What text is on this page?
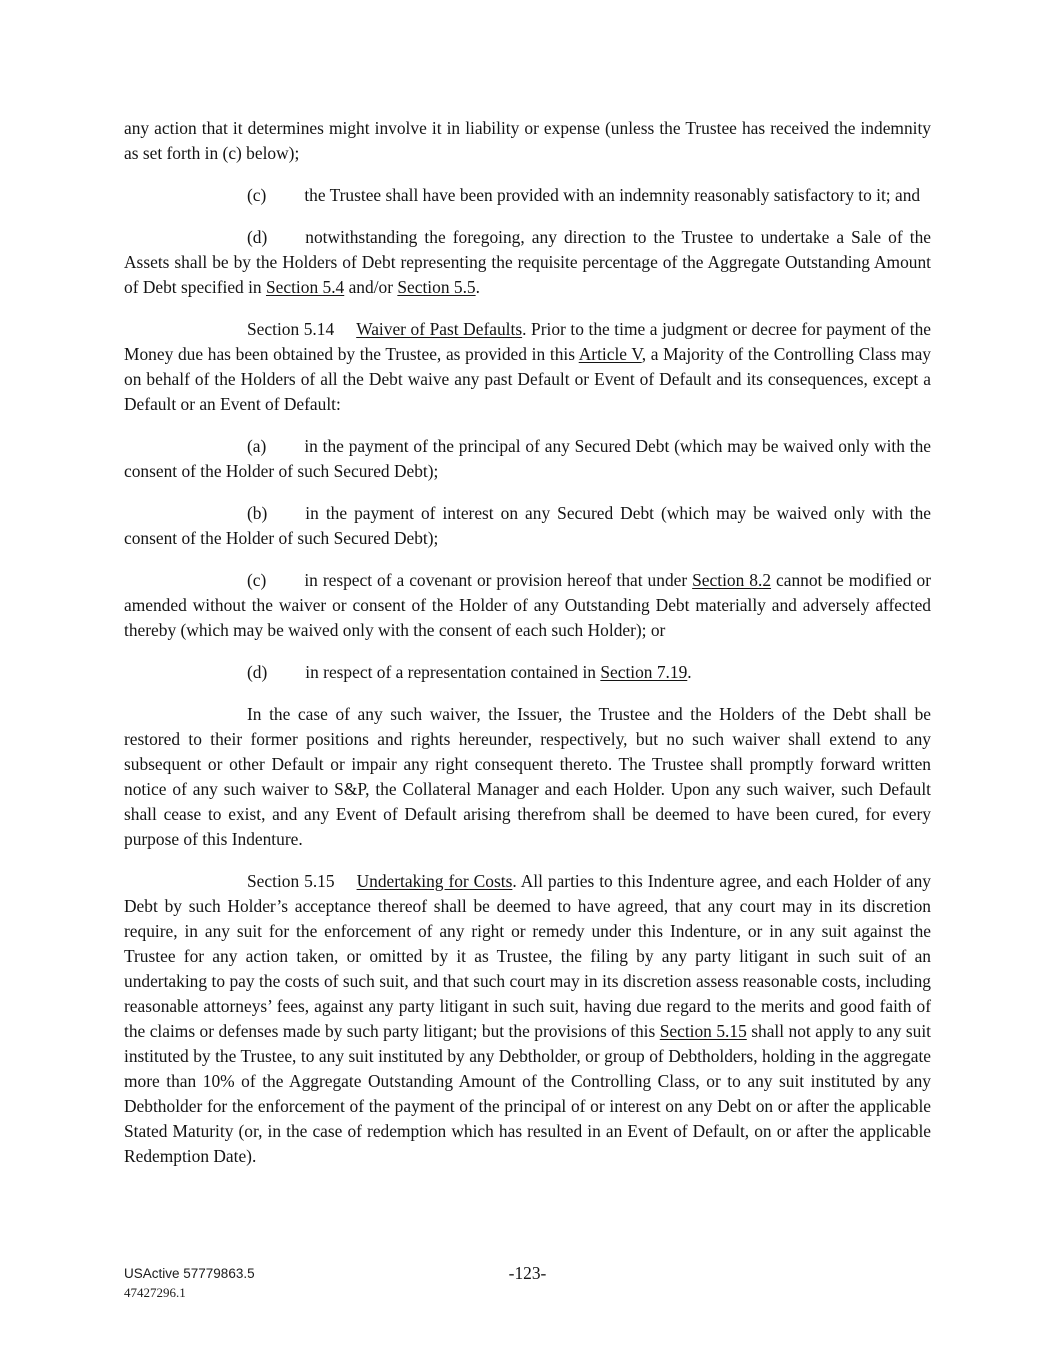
any action that it determines might involve it in liability or expense (unless the Trustee has received the indemnity as set forth in (c) below);

(c) the Trustee shall have been provided with an indemnity reasonably satisfactory to it; and

(d) notwithstanding the foregoing, any direction to the Trustee to undertake a Sale of the Assets shall be by the Holders of Debt representing the requisite percentage of the Aggregate Outstanding Amount of Debt specified in Section 5.4 and/or Section 5.5.

Section 5.14 Waiver of Past Defaults. Prior to the time a judgment or decree for payment of the Money due has been obtained by the Trustee, as provided in this Article V, a Majority of the Controlling Class may on behalf of the Holders of all the Debt waive any past Default or Event of Default and its consequences, except a Default or an Event of Default:

(a) in the payment of the principal of any Secured Debt (which may be waived only with the consent of the Holder of such Secured Debt);

(b) in the payment of interest on any Secured Debt (which may be waived only with the consent of the Holder of such Secured Debt);

(c) in respect of a covenant or provision hereof that under Section 8.2 cannot be modified or amended without the waiver or consent of the Holder of any Outstanding Debt materially and adversely affected thereby (which may be waived only with the consent of each such Holder); or

(d) in respect of a representation contained in Section 7.19.

In the case of any such waiver, the Issuer, the Trustee and the Holders of the Debt shall be restored to their former positions and rights hereunder, respectively, but no such waiver shall extend to any subsequent or other Default or impair any right consequent thereto. The Trustee shall promptly forward written notice of any such waiver to S&P, the Collateral Manager and each Holder. Upon any such waiver, such Default shall cease to exist, and any Event of Default arising therefrom shall be deemed to have been cured, for every purpose of this Indenture.

Section 5.15 Undertaking for Costs. All parties to this Indenture agree, and each Holder of any Debt by such Holder’s acceptance thereof shall be deemed to have agreed, that any court may in its discretion require, in any suit for the enforcement of any right or remedy under this Indenture, or in any suit against the Trustee for any action taken, or omitted by it as Trustee, the filing by any party litigant in such suit of an undertaking to pay the costs of such suit, and that such court may in its discretion assess reasonable costs, including reasonable attorneys’ fees, against any party litigant in such suit, having due regard to the merits and good faith of the claims or defenses made by such party litigant; but the provisions of this Section 5.15 shall not apply to any suit instituted by the Trustee, to any suit instituted by any Debtholder, or group of Debtholders, holding in the aggregate more than 10% of the Aggregate Outstanding Amount of the Controlling Class, or to any suit instituted by any Debtholder for the enforcement of the payment of the principal of or interest on any Debt on or after the applicable Stated Maturity (or, in the case of redemption which has resulted in an Event of Default, on or after the applicable Redemption Date).

USActive 57779863.5
47427296.1
-123-
